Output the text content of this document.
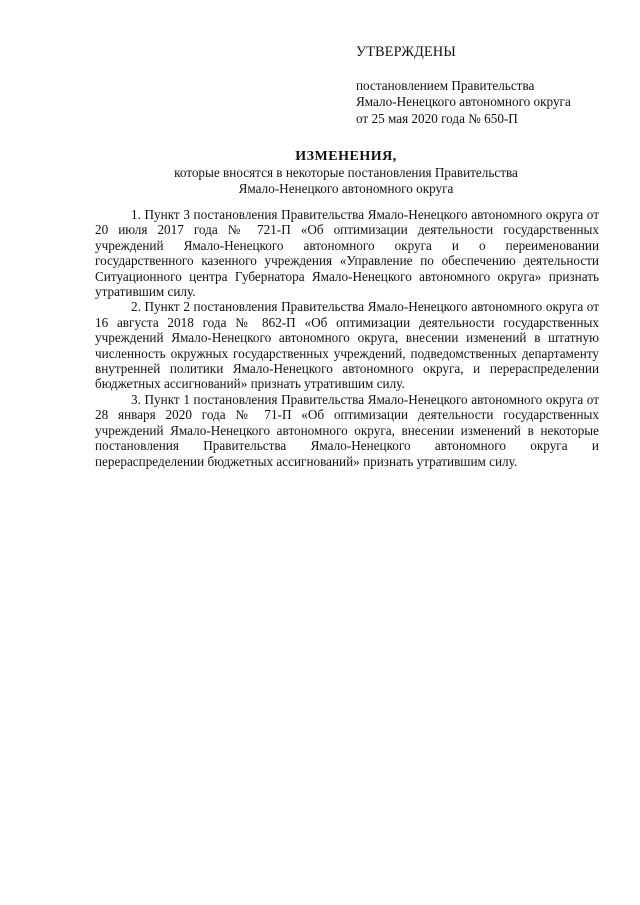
УТВЕРЖДЕНЫ
постановлением Правительства
Ямало-Ненецкого автономного округа
от 25 мая 2020 года № 650-П
ИЗМЕНЕНИЯ,
которые вносятся в некоторые постановления Правительства
Ямало-Ненецкого автономного округа

1. Пункт 3 постановления Правительства Ямало-Ненецкого автономного округа от 20 июля 2017 года № 721-П «Об оптимизации деятельности государственных учреждений Ямало-Ненецкого автономного округа и о переименовании государственного казенного учреждения «Управление по обеспечению деятельности Ситуационного центра Губернатора Ямало-Ненецкого автономного округа» признать утратившим силу.

2. Пункт 2 постановления Правительства Ямало-Ненецкого автономного округа от 16 августа 2018 года № 862-П «Об оптимизации деятельности государственных учреждений Ямало-Ненецкого автономного округа, внесении изменений в штатную численность окружных государственных учреждений, подведомственных департаменту внутренней политики Ямало-Ненецкого автономного округа, и перераспределении бюджетных ассигнований» признать утратившим силу.

3. Пункт 1 постановления Правительства Ямало-Ненецкого автономного округа от 28 января 2020 года № 71-П «Об оптимизации деятельности государственных учреждений Ямало-Ненецкого автономного округа, внесении изменений в некоторые постановления Правительства Ямало-Ненецкого автономного округа и перераспределении бюджетных ассигнований» признать утратившим силу.
